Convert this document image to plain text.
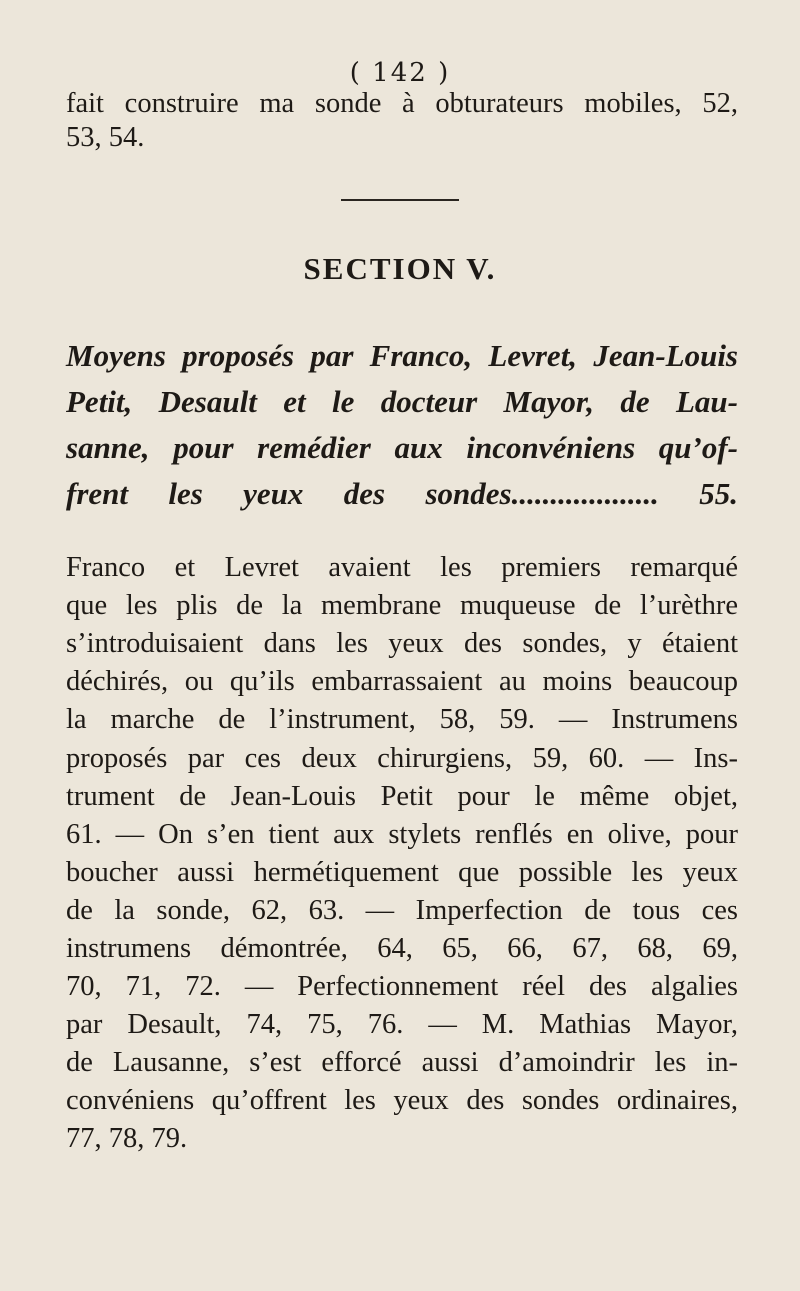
( 142 )
fait construire ma sonde à obturateurs mobiles, 52,
53, 54.
SECTION V.
Moyens proposés par Franco, Levret, Jean-Louis
Petit, Desault et le docteur Mayor, de Lau-
sanne, pour remédier aux inconvéniens qu’of-
frent les yeux des sondes................... 55.
Franco et Levret avaient les premiers remarqué
que les plis de la membrane muqueuse de l’urèthre
s’introduisaient dans les yeux des sondes, y étaient
déchirés, ou qu’ils embarrassaient au moins beaucoup
la marche de l’instrument, 58, 59. — Instrumens
proposés par ces deux chirurgiens, 59, 60. — Ins-
trument de Jean-Louis Petit pour le même objet,
61. — On s’en tient aux stylets renflés en olive, pour
boucher aussi hermétiquement que possible les yeux
de la sonde, 62, 63. — Imperfection de tous ces
instrumens démontrée, 64, 65, 66, 67, 68, 69,
70, 71, 72. — Perfectionnement réel des algalies
par Desault, 74, 75, 76. — M. Mathias Mayor,
de Lausanne, s’est efforcé aussi d’amoindrir les in-
convéniens qu’offrent les yeux des sondes ordinaires,
77, 78, 79.
